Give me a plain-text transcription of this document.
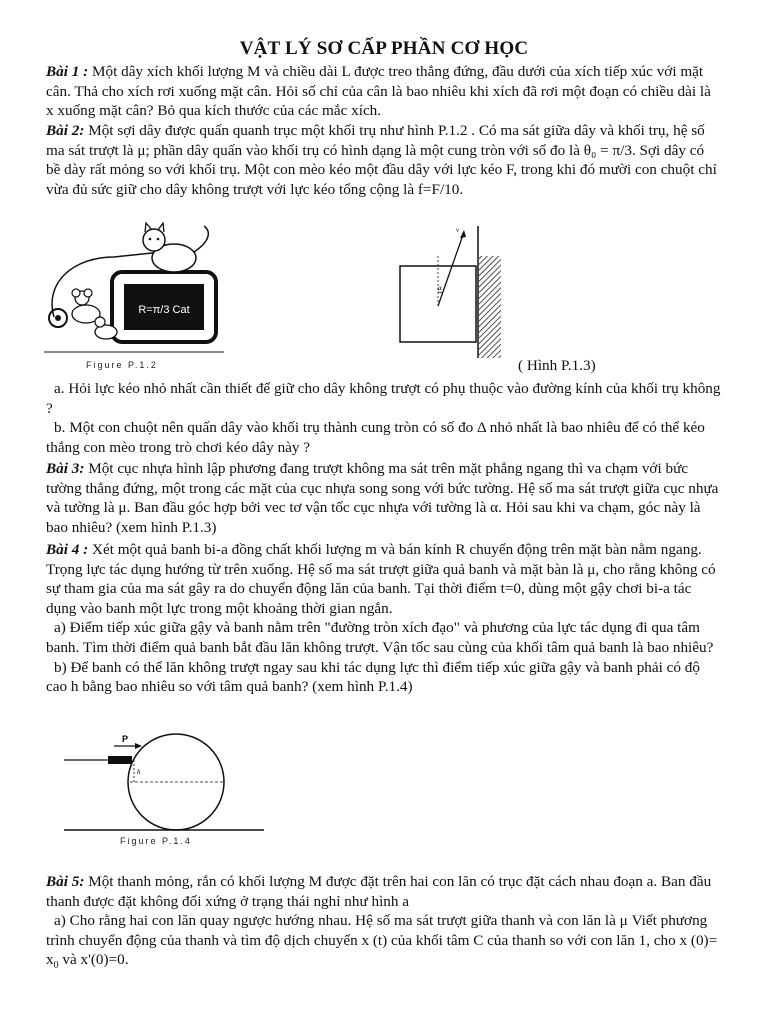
VẬT LÝ SƠ CẤP PHẦN CƠ HỌC

Bài 1 : Một dây xích khối lượng M và chiều dài L được treo thẳng đứng, đầu dưới của xích tiếp xúc với mặt cân. Thả cho xích rơi xuống mặt cân. Hỏi số chỉ của cân là bao nhiêu khi xích đã rơi một đoạn có chiều dài là x xuống mặt cân? Bỏ qua kích thước của các mắc xích.

Bài 2: Một sợi dây được quấn quanh trục một khối trụ như hình P.1.2 . Có ma sát giữa dây và khối trụ, hệ số ma sát trượt là μ; phần dây quấn vào khối trụ có hình dạng là một cung tròn với số đo là θ₀ = π/3. Sợi dây có bề dày rất mỏng so với khối trụ. Một con mèo kéo một đầu dây với lực kéo F, trong khi đó mười con chuột chỉ vừa đủ sức giữ cho dây không trượt với lực kéo tổng cộng là f=F/10.

R=π/3 Cat
Figure P.1.2
α
v
( Hình P.1.3)

a. Hỏi lực kéo nhỏ nhất cần thiết để giữ cho dây không trượt có phụ thuộc vào đường kính của khối trụ không ?

b. Một con chuột nên quấn dây vào khối trụ thành cung tròn có số đo Δ nhỏ nhất là bao nhiêu để có thể kéo thắng con mèo trong trò chơi kéo dây này ?

Bài 3: Một cục nhựa hình lập phương đang trượt không ma sát trên mặt phẳng ngang thì va chạm với bức tường thẳng đứng, một trong các mặt của cục nhựa song song với bức tường. Hệ số ma sát trượt giữa cục nhựa và tường là μ. Ban đầu góc hợp bởi vec tơ vận tốc cục nhựa với tường là α. Hỏi sau khi va chạm, góc này là bao nhiêu? (xem hình P.1.3)

Bài 4 : Xét một quả banh bi-a đồng chất khối lượng m và bán kính R chuyển động trên mặt bàn nằm ngang. Trọng lực tác dụng hướng từ trên xuống. Hệ số ma sát trượt giữa quả banh và mặt bàn là μ, cho rằng không có sự tham gia của ma sát gây ra do chuyển động lăn của banh. Tại thời điểm t=0, dùng một gậy chơi bi-a tác dụng vào banh một lực trong một khoảng thời gian ngắn.

a) Điểm tiếp xúc giữa gậy và banh nằm trên "đường tròn xích đạo" và phương của lực tác dụng đi qua tâm banh. Tìm thời điểm quả banh bắt đầu lăn không trượt. Vận tốc sau cùng của khối tâm quả banh là bao nhiêu?

b) Để banh có thể lăn không trượt ngay sau khi tác dụng lực thì điểm tiếp xúc giữa gậy và banh phải có độ cao h bằng bao nhiêu so với tâm quả banh? (xem hình P.1.4)

P
h
Figure P.1.4

Bài 5: Một thanh mỏng, rắn có khối lượng M được đặt trên hai con lăn có trục đặt cách nhau đoạn a. Ban đầu thanh được đặt không đối xứng ở trạng thái nghỉ như hình a

a) Cho rằng hai con lăn quay ngược hướng nhau. Hệ số ma sát trượt giữa thanh và con lăn là μ Viết phương trình chuyển động của thanh và tìm độ dịch chuyển x (t) của khối tâm C của thanh so với con lăn 1, cho x $(0)= x_0$ và x'(0)=0.
